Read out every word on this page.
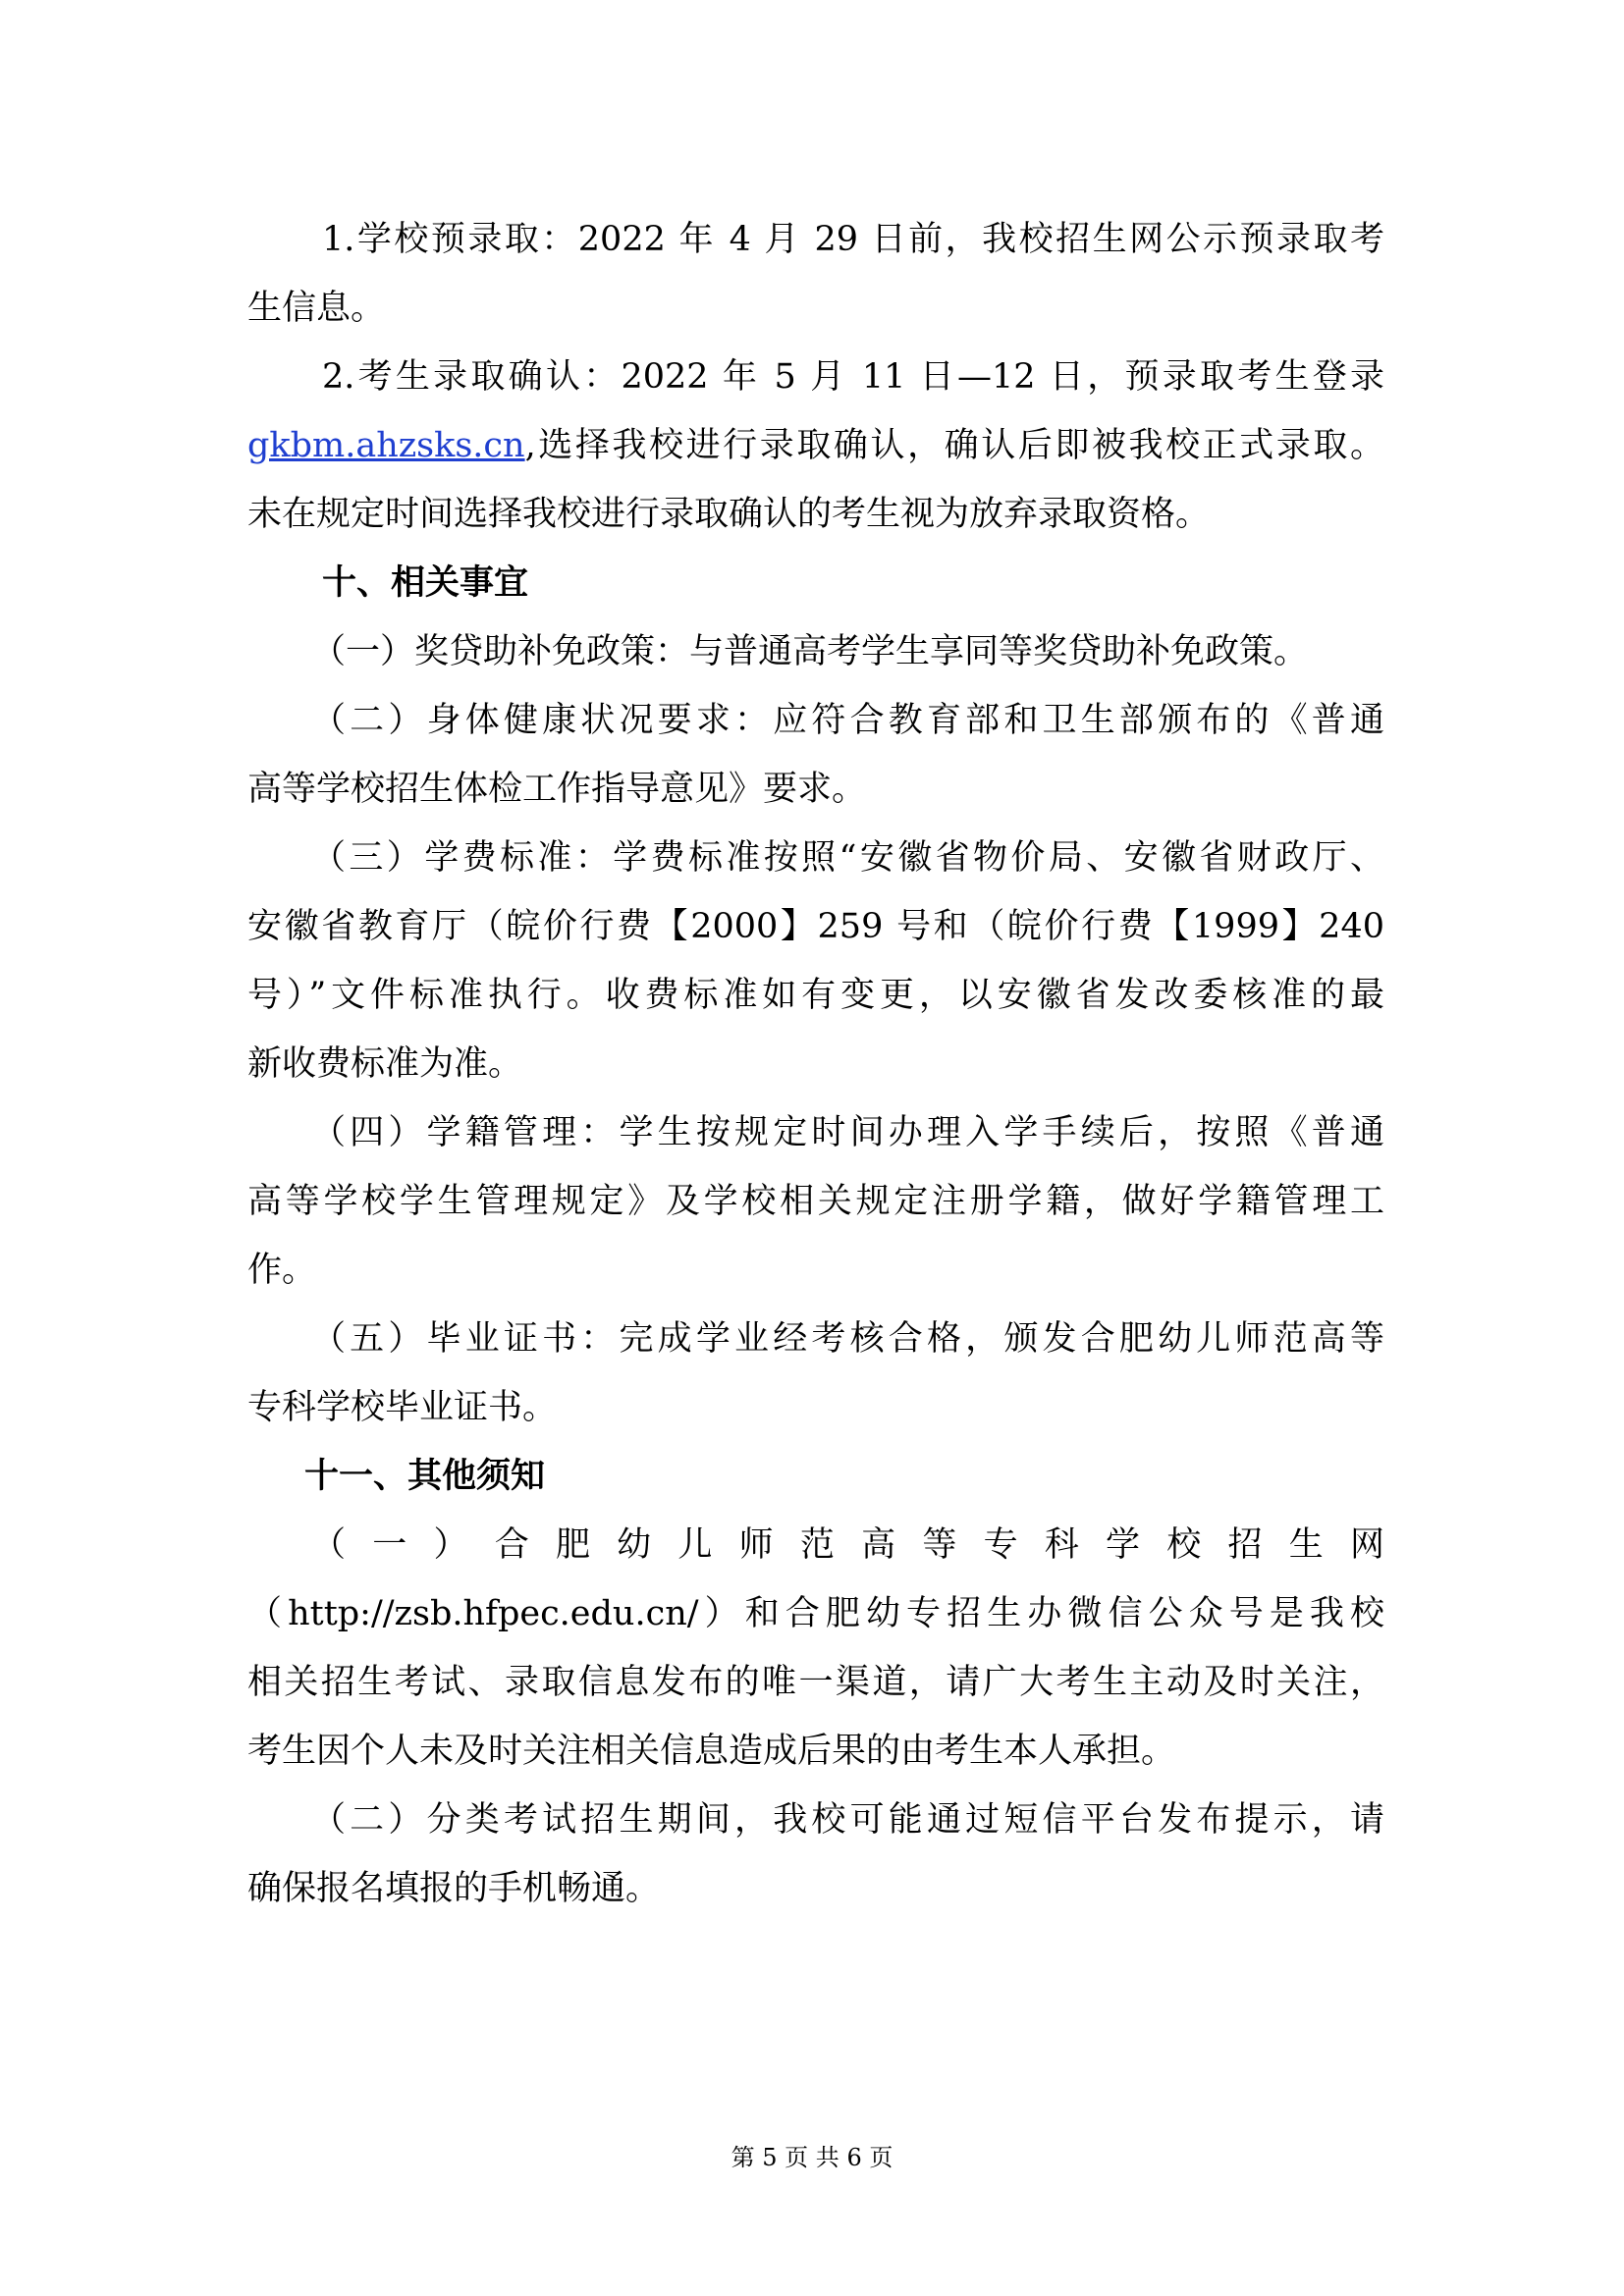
1.学校预录取：2022 年 4 月 29 日前，我校招生网公示预录取考
生信息。
2.考生录取确认：2022 年 5 月 11 日—12 日，预录取考生登录
gkbm.ahzsks.cn,选择我校进行录取确认，确认后即被我校正式录取。
未在规定时间选择我校进行录取确认的考生视为放弃录取资格。
十、相关事宜
（一）奖贷助补免政策：与普通高考学生享同等奖贷助补免政策。
（二）身体健康状况要求：应符合教育部和卫生部颁布的《普通
高等学校招生体检工作指导意见》要求。
（三）学费标准：学费标准按照“安徽省物价局、安徽省财政厅、
安徽省教育厅（皖价行费【2000】259 号和（皖价行费【1999】240
号）”文件标准执行。收费标准如有变更，以安徽省发改委核准的最
新收费标准为准。
（四）学籍管理：学生按规定时间办理入学手续后，按照《普通
高等学校学生管理规定》及学校相关规定注册学籍，做好学籍管理工
作。
（五）毕业证书：完成学业经考核合格，颁发合肥幼儿师范高等
专科学校毕业证书。
十一、其他须知
（一）合肥幼儿师范高等专科学校招生网
（http://zsb.hfpec.edu.cn/）和合肥幼专招生办微信公众号是我校
相关招生考试、录取信息发布的唯一渠道，请广大考生主动及时关注，
考生因个人未及时关注相关信息造成后果的由考生本人承担。
（二）分类考试招生期间，我校可能通过短信平台发布提示，请
确保报名填报的手机畅通。
第 5 页 共 6 页
